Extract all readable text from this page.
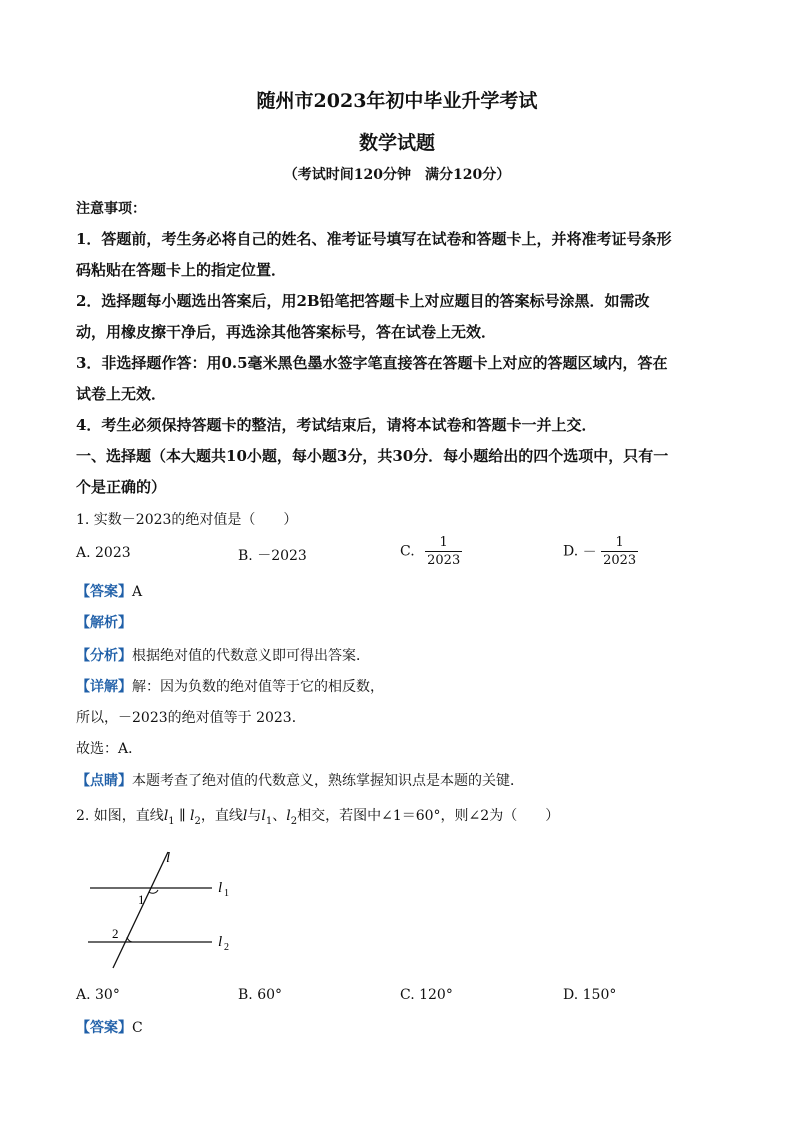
随州市2023年初中毕业升学考试
数学试题
（考试时间120分钟　满分120分）
注意事项：
1．答题前，考生务必将自己的姓名、准考证号填写在试卷和答题卡上，并将准考证号条形
码粘贴在答题卡上的指定位置．
2．选择题每小题选出答案后，用2B铅笔把答题卡上对应题目的答案标号涂黑．如需改
动，用橡皮擦干净后，再选涂其他答案标号，答在试卷上无效．
3．非选择题作答：用0.5毫米黑色墨水签字笔直接答在答题卡上对应的答题区域内，答在
试卷上无效．
4．考生必须保持答题卡的整洁，考试结束后，请将本试卷和答题卡一并上交．
一、选择题（本大题共10小题，每小题3分，共30分．每小题给出的四个选项中，只有一
个是正确的）
1. 实数－2023的绝对值是（　　）
A. 2023	B. －2023	C. $\frac{1}{2023}$	D. － $\frac{1}{2023}$
【答案】A
【解析】
【分析】根据绝对值的代数意义即可得出答案．
【详解】解：因为负数的绝对值等于它的相反数，
所以，－2023的绝对值等于 2023．
故选：A．
【点睛】本题考查了绝对值的代数意义，熟练掌握知识点是本题的关键．
2. 如图，直线$l_1$ ∥ $l_2$，直线l与$l_1$、$l_2$相交，若图中∠1＝60°，则∠2为（　　）
l
l 1
l 2
1
2
A. 30°	B. 60°	C. 120°	D. 150°
【答案】C
